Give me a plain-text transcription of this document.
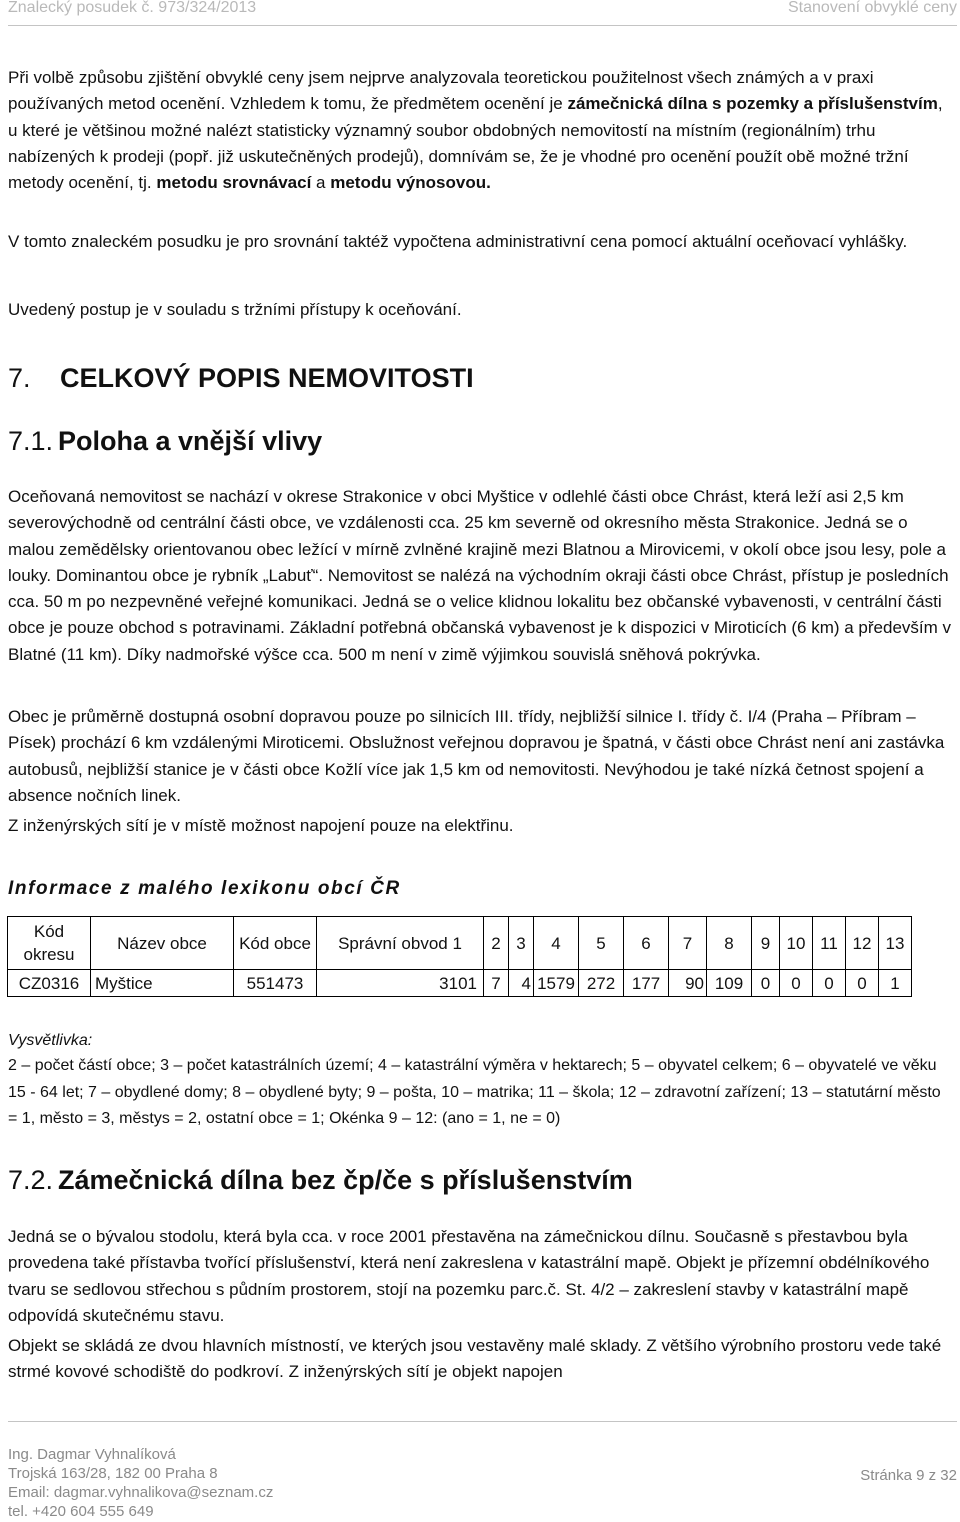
Znalecký posudek č. 973/324/2013	Stanovení obvyklé ceny
Při volbě způsobu zjištění obvyklé ceny jsem nejprve analyzovala teoretickou použitelnost všech známých a v praxi používaných metod ocenění. Vzhledem k tomu, že předmětem ocenění je zámečnická dílna s pozemky a příslušenstvím, u které je většinou možné nalézt statisticky významný soubor obdobných nemovitostí na místním (regionálním) trhu nabízených k prodeji (popř. již uskutečněných prodejů), domnívám se, že je vhodné pro ocenění použít obě možné tržní metody ocenění, tj. metodu srovnávací a metodu výnosovou.
V tomto znaleckém posudku je pro srovnání taktéž vypočtena administrativní cena pomocí aktuální oceňovací vyhlášky.
Uvedený postup je v souladu s tržními přístupy k oceňování.
7. CELKOVÝ POPIS NEMOVITOSTI
7.1. Poloha a vnější vlivy
Oceňovaná nemovitost se nachází v okrese Strakonice v obci Myštice v odlehlé části obce Chrást, která leží asi 2,5 km severovýchodně od centrální části obce, ve vzdálenosti cca. 25 km severně od okresního města Strakonice. Jedná se o malou zemědělsky orientovanou obec ležící v mírně zvlněné krajině mezi Blatnou a Mirovicemi, v okolí obce jsou lesy, pole a louky. Dominantou obce je rybník „Labuť“. Nemovitost se nalézá na východním okraji části obce Chrást, přístup je posledních cca. 50 m po nezpevněné veřejné komunikaci. Jedná se o velice klidnou lokalitu bez občanské vybavenosti, v centrální části obce je pouze obchod s potravinami. Základní potřebná občanská vybavenost je k dispozici v Miroticích (6 km) a především v Blatné (11 km). Díky nadmořské výšce cca. 500 m není v zimě výjimkou souvislá sněhová pokrývka.
Obec je průměrně dostupná osobní dopravou pouze po silnicích III. třídy, nejbližší silnice I. třídy č. I/4 (Praha – Příbram – Písek) prochází 6 km vzdálenými Miroticemi. Obslužnost veřejnou dopravou je špatná, v části obce Chrást není ani zastávka autobusů, nejbližší stanice je v části obce Kožlí více jak 1,5 km od nemovitosti. Nevýhodou je také nízká četnost spojení a absence nočních linek.
Z inženýrských sítí je v místě možnost napojení pouze na elektřinu.
Informace z malého lexikonu obcí ČR
Kód okresu	Název obce	Kód obce	Správní obvod 1	2	3	4	5	6	7	8	9	10	11	12	13
CZ0316	Myštice	551473	3101	7	4	1579	272	177	90	109	0	0	0	0	1
Vysvětlivka:
2 – počet částí obce; 3 – počet katastrálních území; 4 – katastrální výměra v hektarech; 5 – obyvatel celkem; 6 – obyvatelé ve věku 15 - 64 let; 7 – obydlené domy; 8 – obydlené byty; 9 – pošta, 10 – matrika; 11 – škola; 12 – zdravotní zařízení; 13 – statutární město = 1, město = 3, městys = 2, ostatní obce = 1; Okénka 9 – 12: (ano = 1, ne = 0)
7.2. Zámečnická dílna bez čp/če s příslušenstvím
Jedná se o bývalou stodolu, která byla cca. v roce 2001 přestavěna na zámečnickou dílnu. Současně s přestavbou byla provedena také přístavba tvořící příslušenství, která není zakreslena v katastrální mapě. Objekt je přízemní obdélníkového tvaru se sedlovou střechou s půdním prostorem, stojí na pozemku parc.č. St. 4/2 – zakreslení stavby v katastrální mapě odpovídá skutečnému stavu.
Objekt se skládá ze dvou hlavních místností, ve kterých jsou vestavěny malé sklady. Z většího výrobního prostoru vede také strmé kovové schodiště do podkroví. Z inženýrských sítí je objekt napojen
Ing. Dagmar Vyhnalíková
Trojská 163/28, 182 00 Praha 8
Email: dagmar.vyhnalikova@seznam.cz
tel. +420 604 555 649
Stránka 9 z 32
